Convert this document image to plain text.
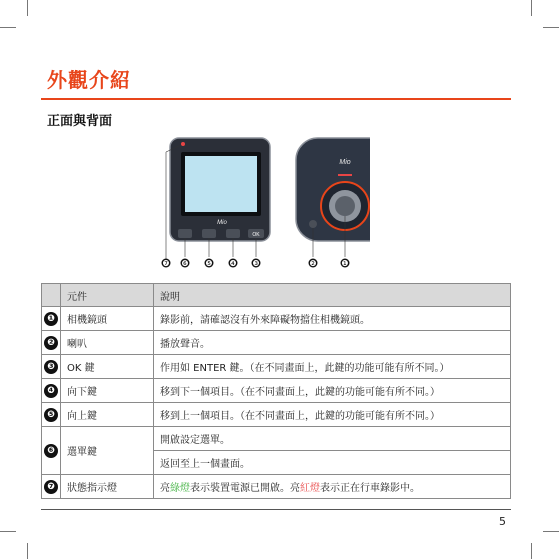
外觀介紹
正面與背面
Mio
OK
Mio
❼ ❻ ❺ ❹ ❸	❷	❶
	元件	說明
❶	相機鏡頭	錄影前，請確認沒有外來障礙物擋住相機鏡頭。
❷	喇叭	播放聲音。
❸	OK 鍵	作用如 ENTER 鍵。（在不同畫面上，此鍵的功能可能有所不同。）
❹	向下鍵	移到下一個項目。（在不同畫面上，此鍵的功能可能有所不同。）
❺	向上鍵	移到上一個項目。（在不同畫面上，此鍵的功能可能有所不同。）
❻	選單鍵	開啟設定選單。
		返回至上一個畫面。
❼	狀態指示燈	亮綠燈表示裝置電源已開啟。亮紅燈表示正在行車錄影中。
5
